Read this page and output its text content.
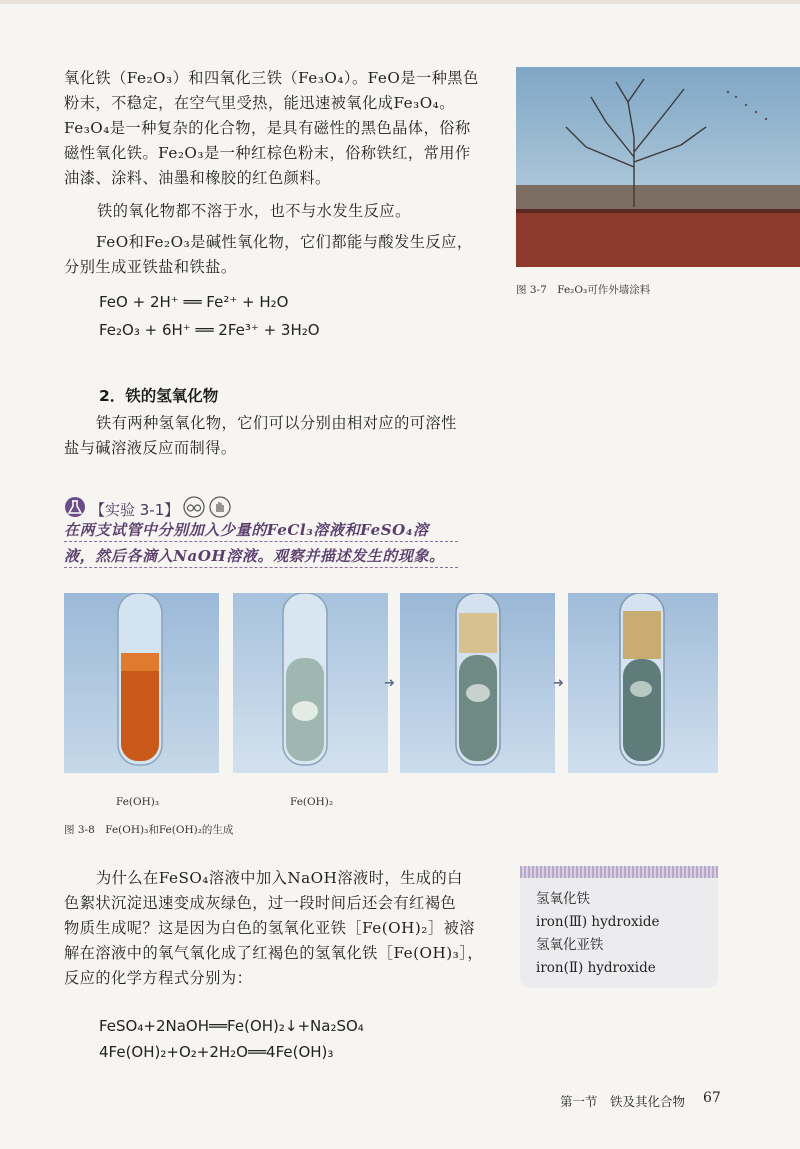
氧化铁（Fe₂O₃）和四氧化三铁（Fe₃O₄）。FeO是一种黑色

粉末，不稳定，在空气里受热，能迅速被氧化成Fe₃O₄。

Fe₃O₄是一种复杂的化合物，是具有磁性的黑色晶体，俗称

磁性氧化铁。Fe₂O₃是一种红棕色粉末，俗称铁红，常用作

油漆、涂料、油墨和橡胶的红色颜料。

铁的氧化物都不溶于水，也不与水发生反应。

FeO和Fe₂O₃是碱性氧化物，它们都能与酸发生反应，

分别生成亚铁盐和铁盐。

FeO + 2H⁺ ══ Fe²⁺ + H₂O
Fe₂O₃ + 6H⁺ ══ 2Fe³⁺ + 3H₂O
图 3-7　Fe₂O₃可作外墙涂料
2．铁的氢氧化物

铁有两种氢氧化物，它们可以分别由相对应的可溶性

盐与碱溶液反应而制得。

【实验 3-1】
在两支试管中分别加入少量的FeCl₃溶液和FeSO₄溶
液，然后各滴入NaOH溶液。观察并描述发生的现象。
➜	➜
Fe(OH)₃	Fe(OH)₂
图 3-8　Fe(OH)₃和Fe(OH)₂的生成

为什么在FeSO₄溶液中加入NaOH溶液时，生成的白

色絮状沉淀迅速变成灰绿色，过一段时间后还会有红褐色

物质生成呢？这是因为白色的氢氧化亚铁［Fe(OH)₂］被溶

解在溶液中的氧气氧化成了红褐色的氢氧化铁［Fe(OH)₃］，

反应的化学方程式分别为：

FeSO₄+2NaOH══Fe(OH)₂↓+Na₂SO₄
4Fe(OH)₂+O₂+2H₂O══4Fe(OH)₃
氢氧化铁
iron(Ⅲ) hydroxide
氢氧化亚铁
iron(Ⅱ) hydroxide
第一节　铁及其化合物 67
